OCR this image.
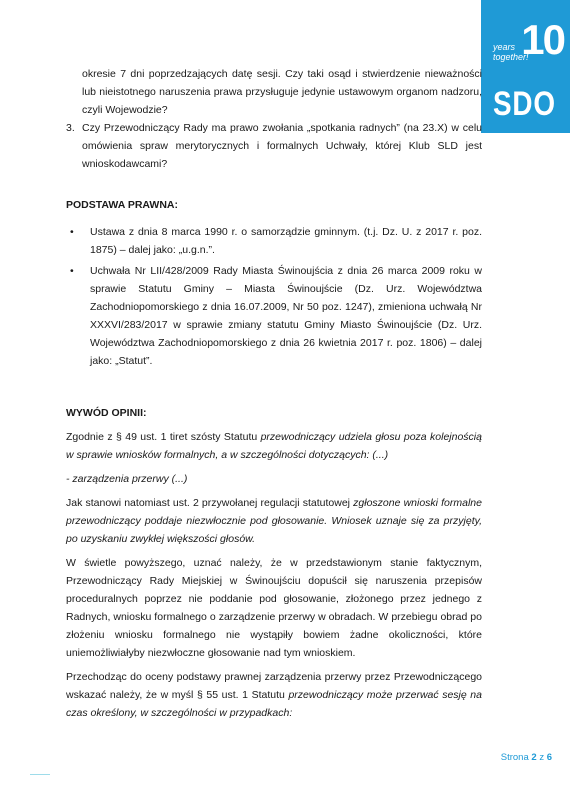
10
years together!
SDO

okresie 7 dni poprzedzających datę sesji. Czy taki osąd i stwierdzenie nieważności lub nieistotnego naruszenia prawa przysługuje jedynie ustawowym organom nadzoru, czyli Wojewodzie?

3. Czy Przewodniczący Rady ma prawo zwołania „spotkania radnych” (na 23.X) w celu omówienia spraw merytorycznych i formalnych Uchwały, której Klub SLD jest wnioskodawcami?

PODSTAWA PRAWNA:

• Ustawa z dnia 8 marca 1990 r. o samorządzie gminnym. (t.j. Dz. U. z 2017 r. poz. 1875) – dalej jako: „u.g.n.”.
• Uchwała Nr LII/428/2009 Rady Miasta Świnoujścia z dnia 26 marca 2009 roku w sprawie Statutu Gminy – Miasta Świnoujście (Dz. Urz. Województwa Zachodniopomorskiego z dnia 16.07.2009, Nr 50 poz. 1247), zmieniona uchwałą Nr XXXVI/283/2017 w sprawie zmiany statutu Gminy Miasto Świnoujście (Dz. Urz. Województwa Zachodniopomorskiego z dnia 26 kwietnia 2017 r. poz. 1806) – dalej jako: „Statut”.

WYWÓD OPINII:

Zgodnie z § 49 ust. 1 tiret szósty Statutu przewodniczący udziela głosu poza kolejnością w sprawie wniosków formalnych, a w szczególności dotyczących: (...)

- zarządzenia przerwy (...)

Jak stanowi natomiast ust. 2 przywołanej regulacji statutowej zgłoszone wnioski formalne przewodniczący poddaje niezwłocznie pod głosowanie. Wniosek uznaje się za przyjęty, po uzyskaniu zwykłej większości głosów.

W świetle powyższego, uznać należy, że w przedstawionym stanie faktycznym, Przewodniczący Rady Miejskiej w Świnoujściu dopuścił się naruszenia przepisów proceduralnych poprzez nie poddanie pod głosowanie, złożonego przez jednego z Radnych, wniosku formalnego o zarządzenie przerwy w obradach. W przebiegu obrad po złożeniu wniosku formalnego nie wystąpiły bowiem żadne okoliczności, które uniemożliwiałyby niezwłoczne głosowanie nad tym wnioskiem.

Przechodząc do oceny podstawy prawnej zarządzenia przerwy przez Przewodniczącego wskazać należy, że w myśl § 55 ust. 1 Statutu przewodniczący może przerwać sesję na czas określony, w szczególności w przypadkach:

Strona 2 z 6
